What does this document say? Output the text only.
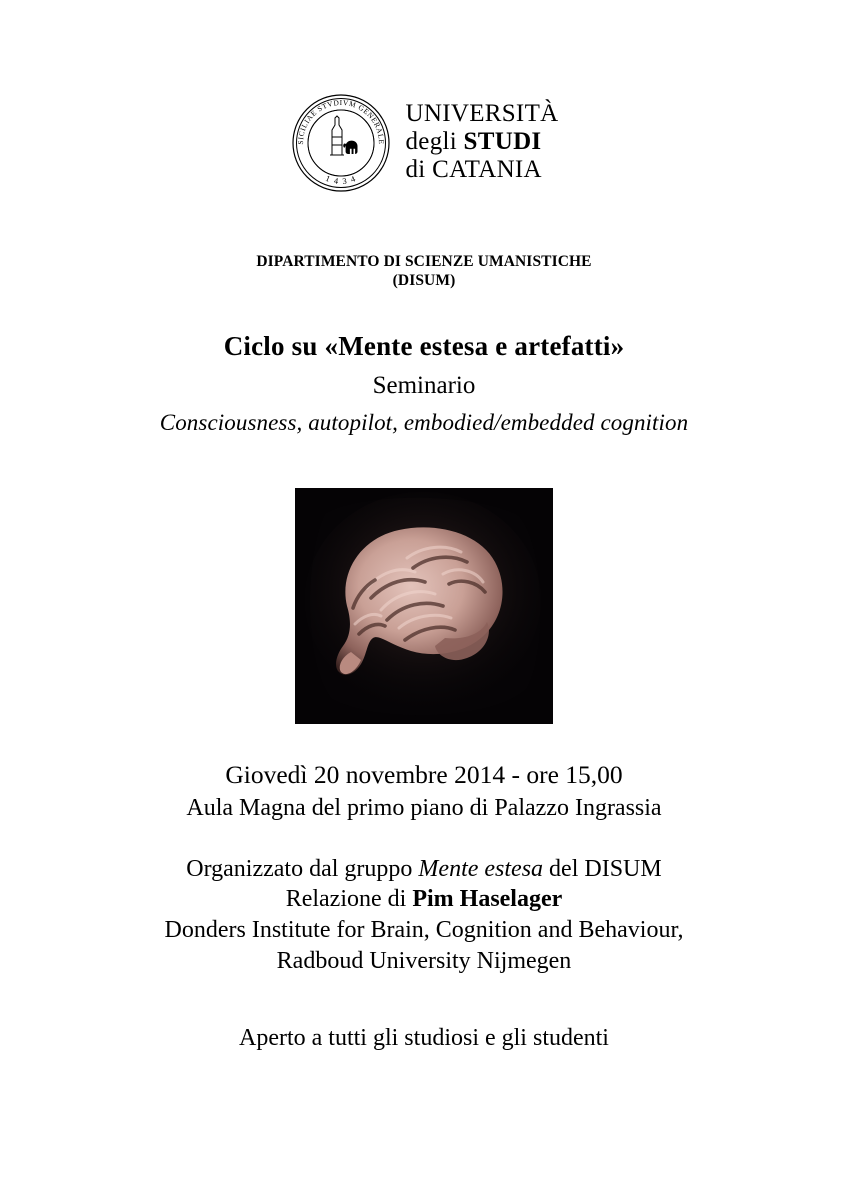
SICILIAE STVDIVM GENERALE
1 4 3 4
UNIVERSITÀ
degli STUDI
di CATANIA
DIPARTIMENTO DI SCIENZE UMANISTICHE
(DISUM)
Ciclo su «Mente estesa e artefatti»
Seminario
Consciousness, autopilot, embodied/embedded cognition
Giovedì 20 novembre 2014 - ore 15,00
Aula Magna del primo piano di Palazzo Ingrassia
Organizzato dal gruppo Mente estesa del DISUM
Relazione di Pim Haselager
Donders Institute for Brain, Cognition and Behaviour,
Radboud University Nijmegen
Aperto a tutti gli studiosi e gli studenti
